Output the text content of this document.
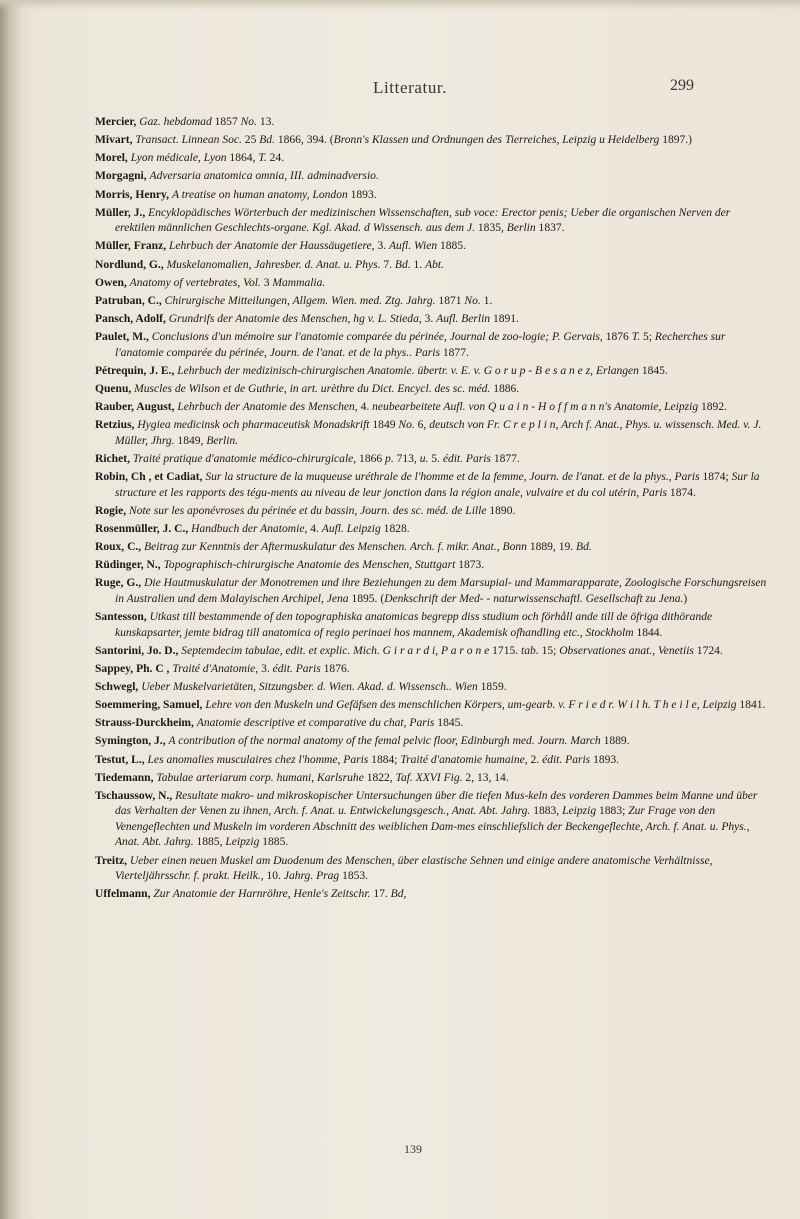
Litteratur.	299

Mercier, Gaz. hebdomad 1857 No. 13.

Mivart, Transact. Linnean Soc. 25 Bd. 1866, 394. (Bronn's Klassen und Ordnungen des Tierreiches, Leipzig u Heidelberg 1897.)

Morel, Lyon médicale, Lyon 1864, T. 24.

Morgagni, Adversaria anatomica omnia, III. adminadversio.

Morris, Henry, A treatise on human anatomy, London 1893.

Müller, J., Encyklopädisches Wörterbuch der medizinischen Wissenschaften, sub voce: Erector penis; Ueber die organischen Nerven der erektilen männlichen Geschlechts-organe. Kgl. Akad. d Wissensch. aus dem J. 1835, Berlin 1837.

Müller, Franz, Lehrbuch der Anatomie der Haussäugetiere, 3. Aufl. Wien 1885.

Nordlund, G., Muskelanomalien, Jahresber. d. Anat. u. Phys. 7. Bd. 1. Abt.

Owen, Anatomy of vertebrates, Vol. 3 Mammalia.

Patruban, C., Chirurgische Mitteilungen, Allgem. Wien. med. Ztg. Jahrg. 1871 No. 1.

Pansch, Adolf, Grundrifs der Anatomie des Menschen, hg v. L. Stieda, 3. Aufl. Berlin 1891.

Paulet, M., Conclusions d'un mémoire sur l'anatomie comparée du périnée, Journal de zoo-logie; P. Gervais, 1876 T. 5; Recherches sur l'anatomie comparée du périnée, Journ. de l'anat. et de la phys.. Paris 1877.

Pétrequin, J. E., Lehrbuch der medizinisch-chirurgischen Anatomie. übertr. v. E. v. G o r u p - B e s a n e z, Erlangen 1845.

Quenu, Muscles de Wilson et de Guthrie, in art. urèthre du Dict. Encycl. des sc. méd. 1886.

Rauber, August, Lehrbuch der Anatomie des Menschen, 4. neubearbeitete Aufl. von Q u a i n - H o f f m a n n's Anatomie, Leipzig 1892.

Retzius, Hygiea medicinsk och pharmaceutisk Monadskrift 1849 No. 6, deutsch von Fr. C r e p l i n, Arch f. Anat., Phys. u. wissensch. Med. v. J. Müller, Jhrg. 1849, Berlin.

Richet, Traité pratique d'anatomie médico-chirurgicale, 1866 p. 713, u. 5. édit. Paris 1877.

Robin, Ch , et Cadiat, Sur la structure de la muqueuse uréthrale de l'homme et de la femme, Journ. de l'anat. et de la phys., Paris 1874; Sur la structure et les rapports des tégu-ments au niveau de leur jonction dans la région anale, vulvaire et du col utérin, Paris 1874.

Rogie, Note sur les aponévroses du périnée et du bassin, Journ. des sc. méd. de Lille 1890.

Rosenmüller, J. C., Handbuch der Anatomie, 4. Aufl. Leipzig 1828.

Roux, C., Beitrag zur Kenntnis der Aftermuskulatur des Menschen. Arch. f. mikr. Anat., Bonn 1889, 19. Bd.

Rüdinger, N., Topographisch-chirurgische Anatomie des Menschen, Stuttgart 1873.

Ruge, G., Die Hautmuskulatur der Monotremen und ihre Beziehungen zu dem Marsupial- und Mammarapparate, Zoologische Forschungsreisen in Australien und dem Malayischen Archipel, Jena 1895. (Denkschrift der Med- - naturwissenschaftl. Gesellschaft zu Jena.)

Santesson, Utkast till bestammende of den topographiska anatomicas begrepp diss studium och förhåll ande till de öfriga dithörande kunskapsarter, jemte bidrag till anatomica of regio perinaei hos mannem, Akademisk ofhandling etc., Stockholm 1844.

Santorini, Jo. D., Septemdecim tabulae, edit. et explic. Mich. G i r a r d i, P a r o n e 1715. tab. 15; Observationes anat., Venetiis 1724.

Sappey, Ph. C , Traité d'Anatomie, 3. édit. Paris 1876.

Schwegl, Ueber Muskelvarietäten, Sitzungsber. d. Wien. Akad. d. Wissensch.. Wien 1859.

Soemmering, Samuel, Lehre von den Muskeln und Gefäfsen des menschlichen Körpers, um-gearb. v. F r i e d r. W i l h. T h e i l e, Leipzig 1841.

Strauss-Durckheim, Anatomie descriptive et comparative du chat, Paris 1845.

Symington, J., A contribution of the normal anatomy of the femal pelvic floor, Edinburgh med. Journ. March 1889.

Testut, L., Les anomalies musculaires chez l'homme, Paris 1884; Traité d'anatomie humaine, 2. édit. Paris 1893.

Tiedemann, Tabulae arteriarum corp. humani, Karlsruhe 1822, Taf. XXVI Fig. 2, 13, 14.

Tschaussow, N., Resultate makro- und mikroskopischer Untersuchungen über die tiefen Mus-keln des vorderen Dammes beim Manne und über das Verhalten der Venen zu ihnen, Arch. f. Anat. u. Entwickelungsgesch., Anat. Abt. Jahrg. 1883, Leipzig 1883; Zur Frage von den Venengeflechten und Muskeln im vorderen Abschnitt des weiblichen Dam-mes einschliefslich der Beckengeflechte, Arch. f. Anat. u. Phys., Anat. Abt. Jahrg. 1885, Leipzig 1885.

Treitz, Ueber einen neuen Muskel am Duodenum des Menschen, über elastische Sehnen und einige andere anatomische Verhältnisse, Vierteljährsschr. f. prakt. Heilk., 10. Jahrg. Prag 1853.

Uffelmann, Zur Anatomie der Harnröhre, Henle's Zeitschr. 17. Bd,

139
